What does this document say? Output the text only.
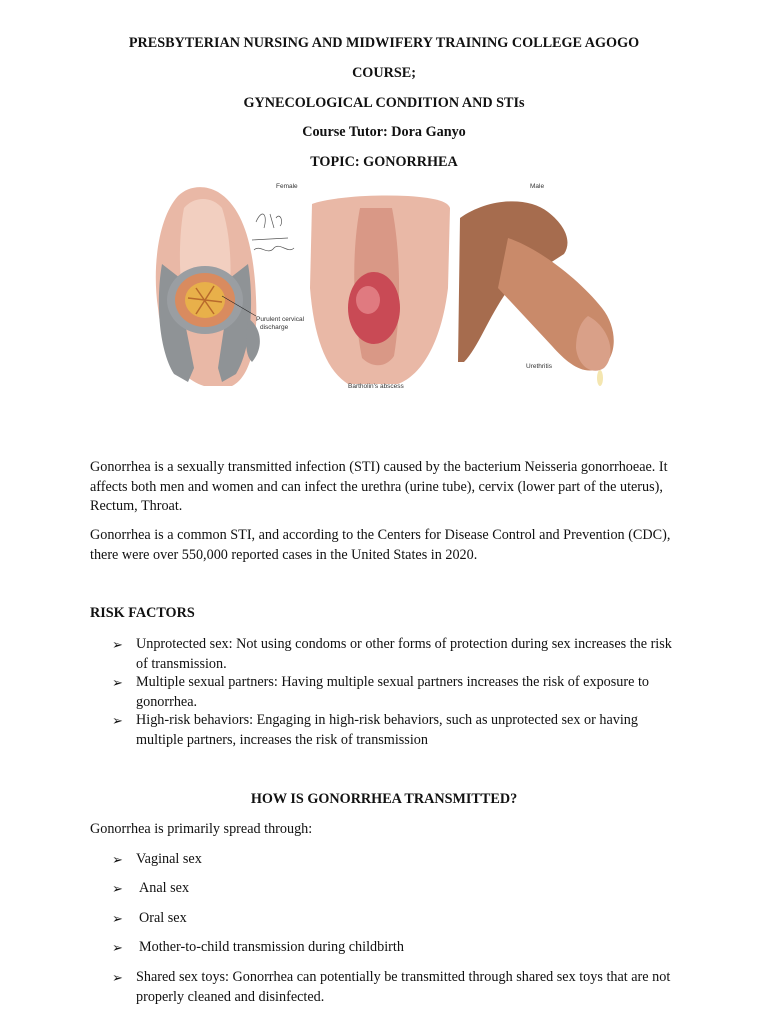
PRESBYTERIAN NURSING AND MIDWIFERY TRAINING COLLEGE AGOGO
COURSE;
GYNECOLOGICAL CONDITION AND STIs
Course Tutor: Dora Ganyo
TOPIC: GONORRHEA
Purulent cervical
discharge
Female
Bartholin's abscess
Male
Urethritis

Gonorrhea is a sexually transmitted infection (STI) caused by the bacterium Neisseria gonorrhoeae. It affects both men and women and can infect the urethra (urine tube), cervix (lower part of the uterus), Rectum, Throat.

Gonorrhea is a common STI, and according to the Centers for Disease Control and Prevention (CDC), there were over 550,000 reported cases in the United States in 2020.

RISK FACTORS
➢ Unprotected sex: Not using condoms or other forms of protection during sex increases the risk of transmission.
➢ Multiple sexual partners: Having multiple sexual partners increases the risk of exposure to gonorrhea.
➢ High-risk behaviors: Engaging in high-risk behaviors, such as unprotected sex or having multiple partners, increases the risk of transmission
HOW IS GONORRHEA TRANSMITTED?
Gonorrhea is primarily spread through:
➢ Vaginal sex
➢ Anal sex
➢ Oral sex
➢ Mother-to-child transmission during childbirth
➢ Shared sex toys: Gonorrhea can potentially be transmitted through shared sex toys that are not properly cleaned and disinfected.
